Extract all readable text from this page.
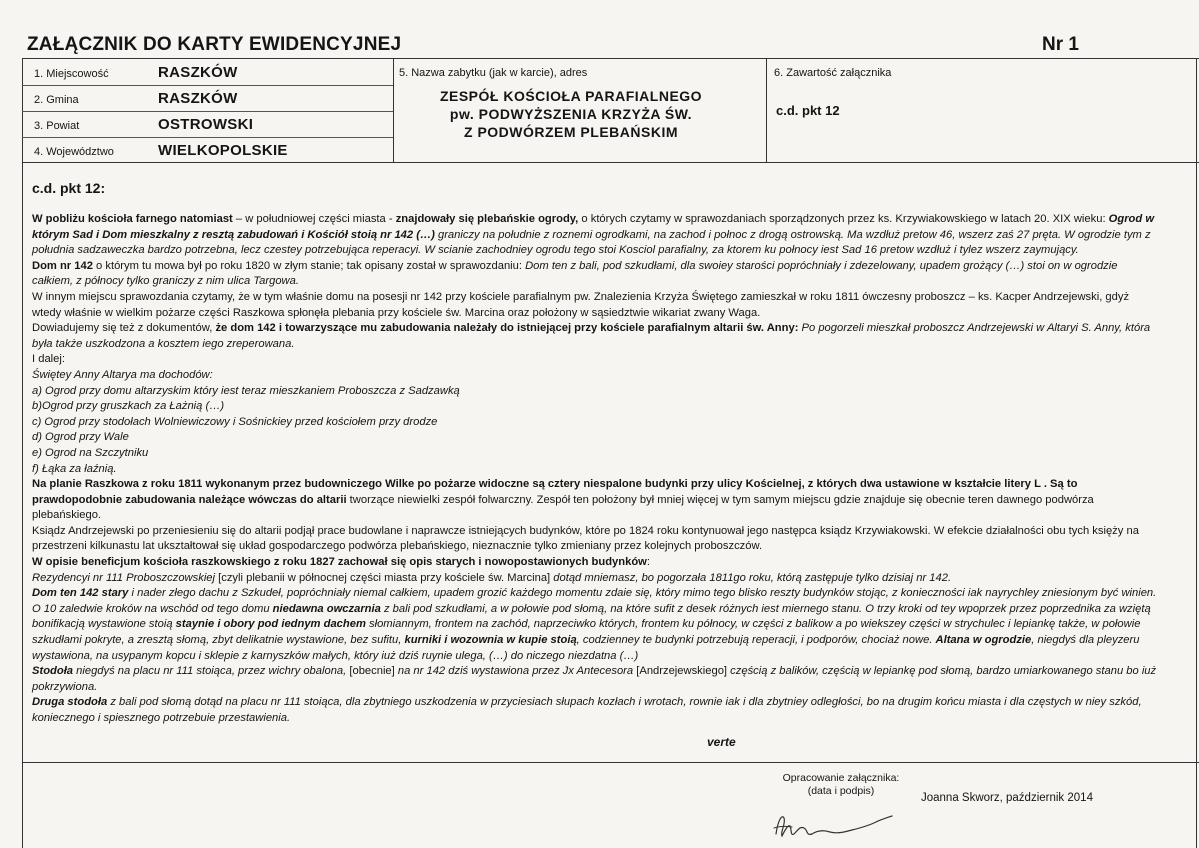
ZAŁĄCZNIK DO KARTY EWIDENCYJNEJ	Nr 1
1. Miejscowość	RASZKÓW
2. Gmina	RASZKÓW
3. Powiat	OSTROWSKI
4. Województwo	WIELKOPOLSKIE
5. Nazwa zabytku (jak w karcie), adres
ZESPÓŁ KOŚCIOŁA PARAFIALNEGO
pw. PODWYŻSZENIA KRZYŻA ŚW.
Z PODWÓRZEM PLEBAŃSKIM
6. Zawartość załącznika
c.d. pkt 12
c.d. pkt 12:

W pobliżu kościoła farnego natomiast – w południowej części miasta - znajdowały się plebańskie ogrody, o których czytamy w sprawozdaniach sporządzonych przez ks. Krzywiakowskiego w latach 20. XIX wieku: Ogrod w którym Sad i Dom mieszkalny z resztą zabudowań i Kościół stoią nr 142 (…) graniczy na południe z roznemi ogrodkami, na zachod i połnoc z drogą ostrowską. Ma wzdłuż pretow 46, wszerz zaś 27 pręta. W ogrodzie tym z południa sadzaweczka bardzo potrzebna, lecz czestey potrzebująca reperacyi. W scianie zachodniey ogrodu tego stoi Kosciol parafialny, za ktorem ku połnocy iest Sad 16 pretow wzdłuż i tylez wszerz zaymujący.

Dom nr 142 o którym tu mowa był po roku 1820 w złym stanie; tak opisany został w sprawozdaniu: Dom ten z bali, pod szkudłami, dla swoiey starości popróchniały i zdezelowany, upadem grożący (…) stoi on w ogrodzie całkiem, z północy tylko graniczy z nim ulica Targowa.

W innym miejscu sprawozdania czytamy, że w tym właśnie domu na posesji nr 142 przy kościele parafialnym pw. Znalezienia Krzyża Świętego zamieszkał w roku 1811 ówczesny proboszcz – ks. Kacper Andrzejewski, gdyż wtedy właśnie w wielkim pożarze części Raszkowa spłonęła plebania przy kościele św. Marcina oraz położony w sąsiedztwie wikariat zwany Waga.

Dowiadujemy się też z dokumentów, że dom 142 i towarzyszące mu zabudowania należały do istniejącej przy kościele parafialnym altarii św. Anny: Po pogorzeli mieszkał proboszcz Andrzejewski w Altaryi S. Anny, która była także uszkodzona a kosztem iego zreperowana.

I dalej:

Świętey Anny Altarya ma dochodów:

a) Ogrod przy domu altarzyskim który iest teraz mieszkaniem Proboszcza z Sadzawką

b)Ogrod przy gruszkach za Łażnią (…)

c) Ogrod przy stodołach Wolniewiczowy i Sośnickiey przed kościołem przy drodze

d) Ogrod przy Wale

e) Ogrod na Szczytniku

f) Łąka za łaźnią.

Na planie Raszkowa z roku 1811 wykonanym przez budowniczego Wilke po pożarze widoczne są cztery niespalone budynki przy ulicy Kościelnej, z których dwa ustawione w kształcie litery L . Są to prawdopodobnie zabudowania należące wówczas do altarii tworzące niewielki zespół folwarczny. Zespół ten położony był mniej więcej w tym samym miejscu gdzie znajduje się obecnie teren dawnego podwórza plebańskiego.

Ksiądz Andrzejewski po przeniesieniu się do altarii podjął prace budowlane i naprawcze istniejących budynków, które po 1824 roku kontynuował jego następca ksiądz Krzywiakowski. W efekcie działalności obu tych księży na przestrzeni kilkunastu lat ukształtował się układ gospodarczego podwórza plebańskiego, nieznacznie tylko zmieniany przez kolejnych proboszczów.

W opisie beneficjum kościoła raszkowskiego z roku 1827 zachował się opis starych i nowopostawionych budynków:

Rezydencyi nr 111 Proboszczowskiej [czyli plebanii w północnej części miasta przy kościele św. Marcina] dotąd mniemasz, bo pogorzała 1811go roku, którą zastępuje tylko dzisiaj nr 142.

Dom ten 142 stary i nader złego dachu z Szkudeł, popróchniały niemal całkiem, upadem grozić każdego momentu zdaie się, który mimo tego blisko reszty budynków stojąc, z konieczności iak nayrychley zniesionym być winien. O 10 zaledwie kroków na wschód od tego domu niedawna owczarnia z bali pod szkudłami, a w połowie pod słomą, na które sufit z desek różnych iest miernego stanu. O trzy kroki od tey wpoprzek przez poprzednika za wziętą bonifikacją wystawione stoią staynie i obory pod iednym dachem słomiannym, frontem na zachód, naprzeciwko których, frontem ku północy, w części z balikow a po wiekszey części w strychulec i lepiankę także, w połowie szkudłami pokryte, a zresztą słomą, zbyt delikatnie wystawione, bez sufitu, kurniki i wozownia w kupie stoią, codzienney te budynki potrzebują reperacji, i podporów, chociaż nowe. Altana w ogrodzie, niegdyś dla pleyzeru wystawiona, na usypanym kopcu i sklepie z karnyszków małych, który iuż dziś ruynie ulega, (…) do niczego niezdatna (…)

Stodoła niegdyś na placu nr 111 stoiąca, przez wichry obalona, [obecnie] na nr 142 dziś wystawiona przez Jx Antecesora [Andrzejewskiego] częścią z balików, częścią w lepiankę pod słomą, bardzo umiarkowanego stanu bo iuż pokrzywiona.

Druga stodoła z bali pod słomą dotąd na placu nr 111 stoiąca, dla zbytniego uszkodzenia w przyciesiach słupach kozłach i wrotach, rownie iak i dla zbytniey odległości, bo na drugim końcu miasta i dla częstych w niey szkód, koniecznego i spiesznego potrzebuie przestawienia.

verte
Opracowanie załącznika:
(data i podpis)
Joanna Skworz, październik 2014
